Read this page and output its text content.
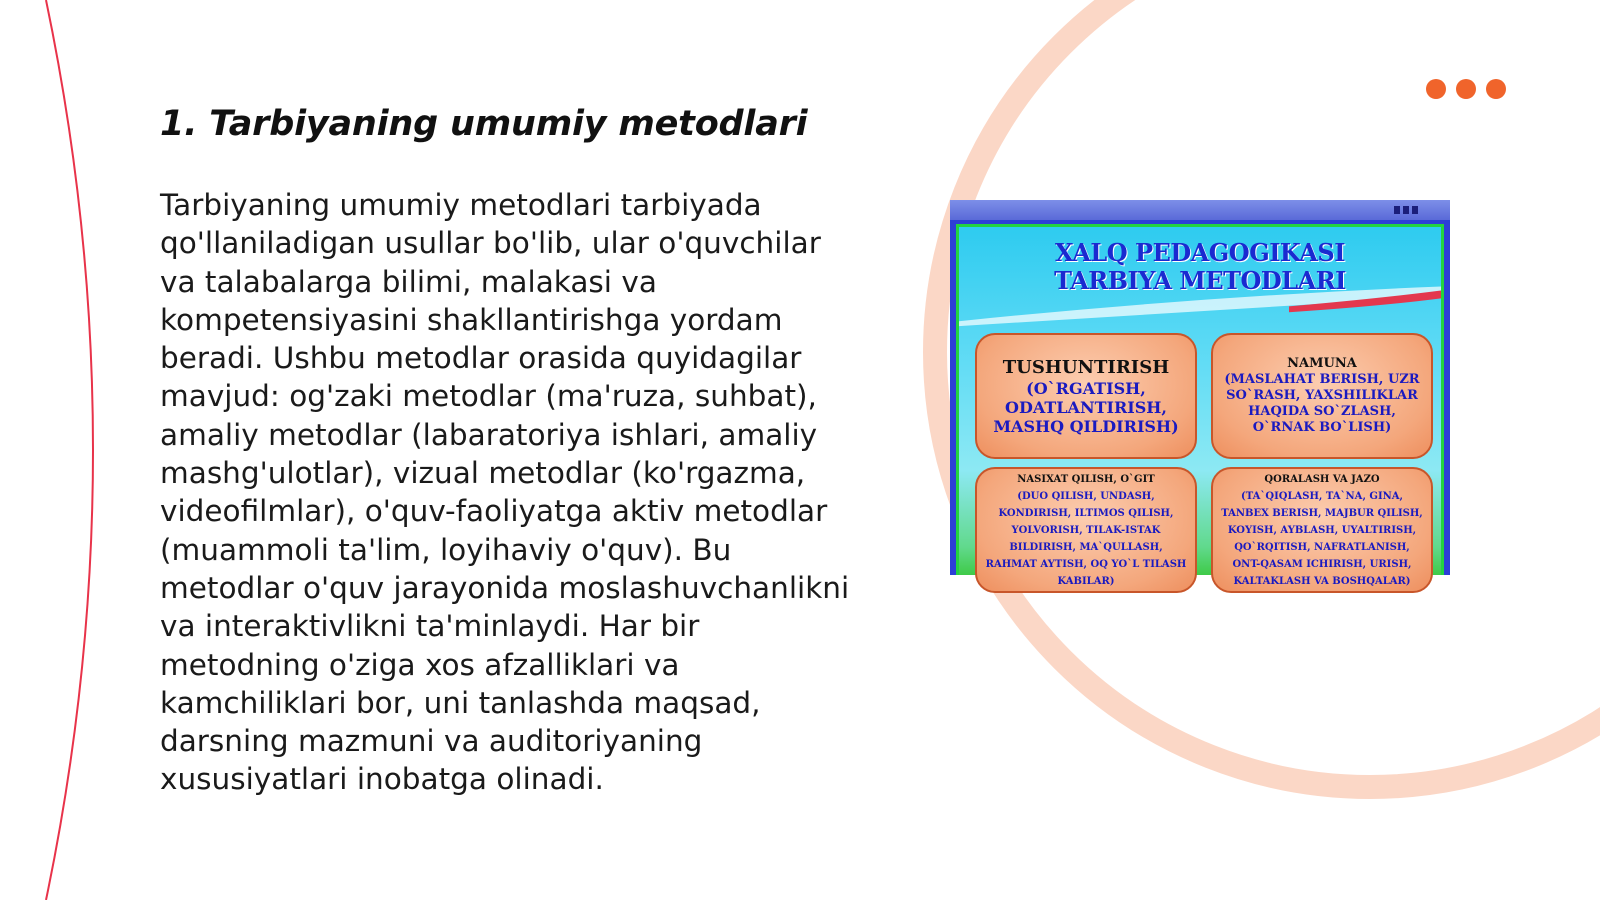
1. Tarbiyaning umumiy metodlari

Tarbiyaning umumiy metodlari tarbiyada qo'llaniladigan usullar bo'lib, ular o'quvchilar va talabalarga bilimi, malakasi va kompetensiyasini shakllantirishga yordam beradi. Ushbu metodlar orasida quyidagilar mavjud: og'zaki metodlar (ma'ruza, suhbat), amaliy metodlar (labaratoriya ishlari, amaliy mashg'ulotlar), vizual metodlar (ko'rgazma, videofilmlar), o'quv-faoliyatga aktiv metodlar (muammoli ta'lim, loyihaviy o'quv). Bu metodlar o'quv jarayonida moslashuvchanlikni va interaktivlikni ta'minlaydi. Har bir metodning o'ziga xos afzalliklari va kamchiliklari bor, uni tanlashda maqsad, darsning mazmuni va auditoriyaning xususiyatlari inobatga olinadi.

XALQ PEDAGOGIKASI
TARBIYA METODLARI
TUSHUNTIRISH
(O`RGATISH, ODATLANTIRISH, MASHQ QILDIRISH)
NAMUNA
(MASLAHAT BERISH, UZR SO`RASH, YAXSHILIKLAR HAQIDA SO`ZLASH, O`RNAK BO`LISH)
NASIXAT QILISH, O`GIT
(DUO QILISH, UNDASH, KONDIRISH, ILTIMOS QILISH, YOLVORISH, TILAK-ISTAK BILDIRISH, MA`QULLASH, RAHMAT AYTISH, OQ YO`L TILASH KABILAR)
QORALASH VA JAZO
(TA`QIQLASH, TA`NA, GINA, TANBEX BERISH, MAJBUR QILISH, KOYISH, AYBLASH, UYALTIRISH, QO`RQITISH, NAFRATLANISH, ONT-QASAM ICHIRISH, URISH, KALTAKLASH VA BOSHQALAR)
